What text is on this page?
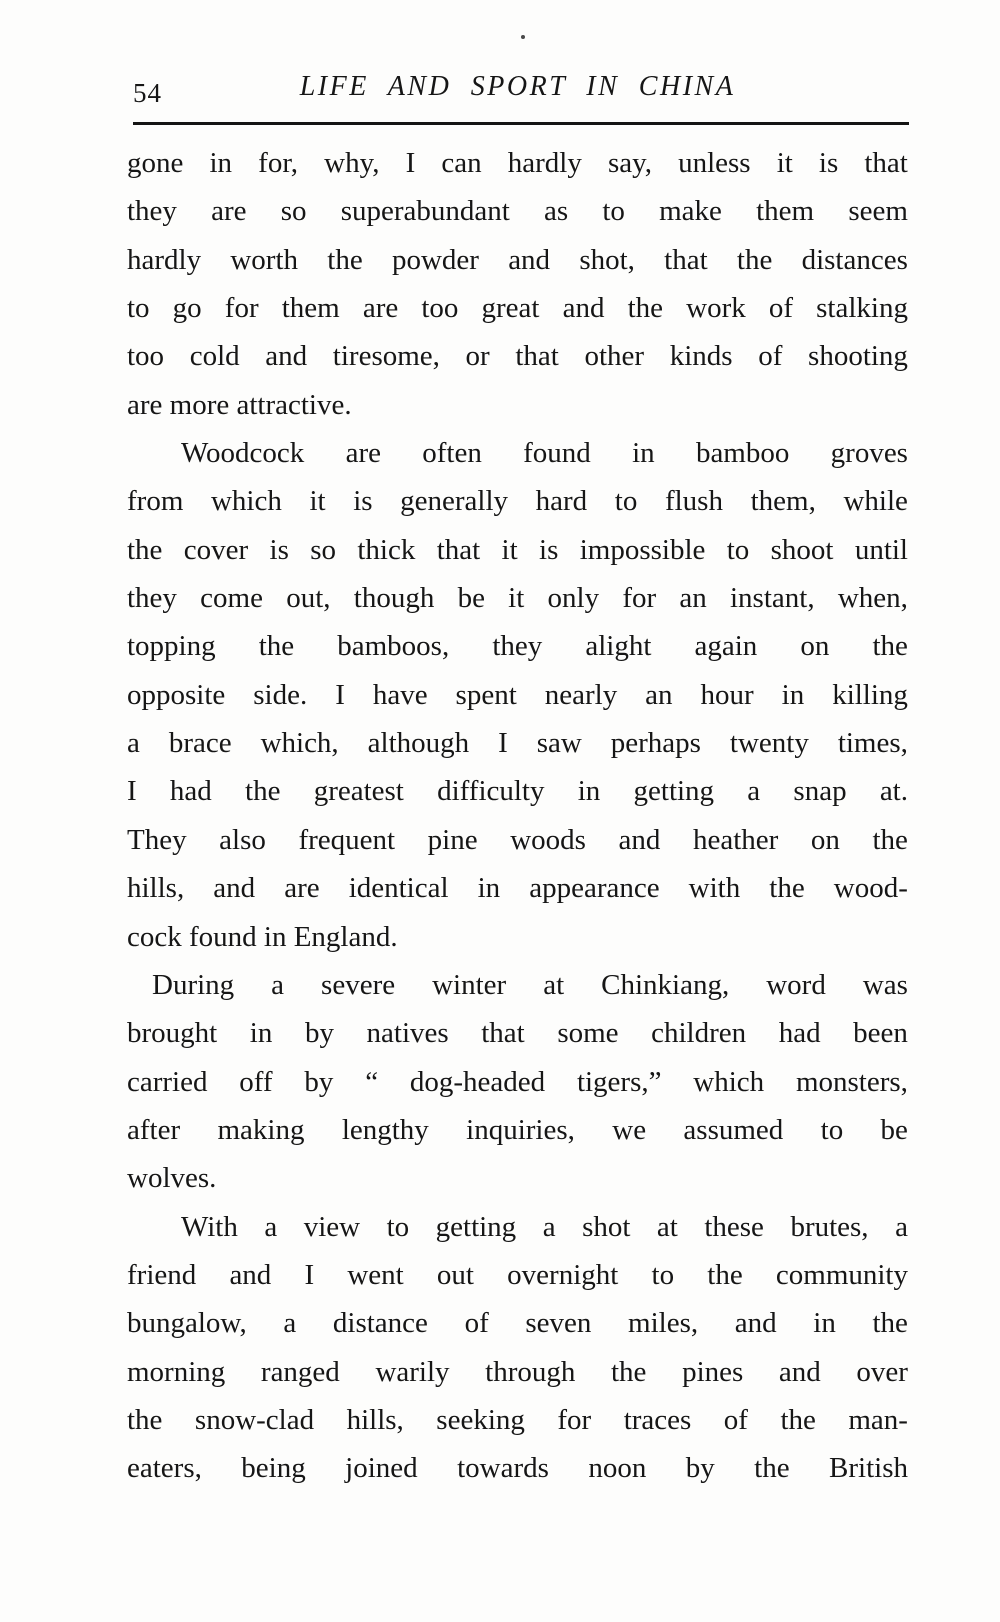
54	LIFE AND SPORT IN CHINA
gone in for, why, I can hardly say, unless it is that
they are so superabundant as to make them seem
hardly worth the powder and shot, that the distances
to go for them are too great and the work of stalking
too cold and tiresome, or that other kinds of shooting
are more attractive.
Woodcock are often found in bamboo groves
from which it is generally hard to flush them, while
the cover is so thick that it is impossible to shoot until
they come out, though be it only for an instant, when,
topping the bamboos, they alight again on the
opposite side. I have spent nearly an hour in killing
a brace which, although I saw perhaps twenty times,
I had the greatest difficulty in getting a snap at.
They also frequent pine woods and heather on the
hills, and are identical in appearance with the wood-
cock found in England.
During a severe winter at Chinkiang, word was
brought in by natives that some children had been
carried off by “ dog-headed tigers,” which monsters,
after making lengthy inquiries, we assumed to be
wolves.
With a view to getting a shot at these brutes, a
friend and I went out overnight to the community
bungalow, a distance of seven miles, and in the
morning ranged warily through the pines and over
the snow-clad hills, seeking for traces of the man-
eaters, being joined towards noon by the British
